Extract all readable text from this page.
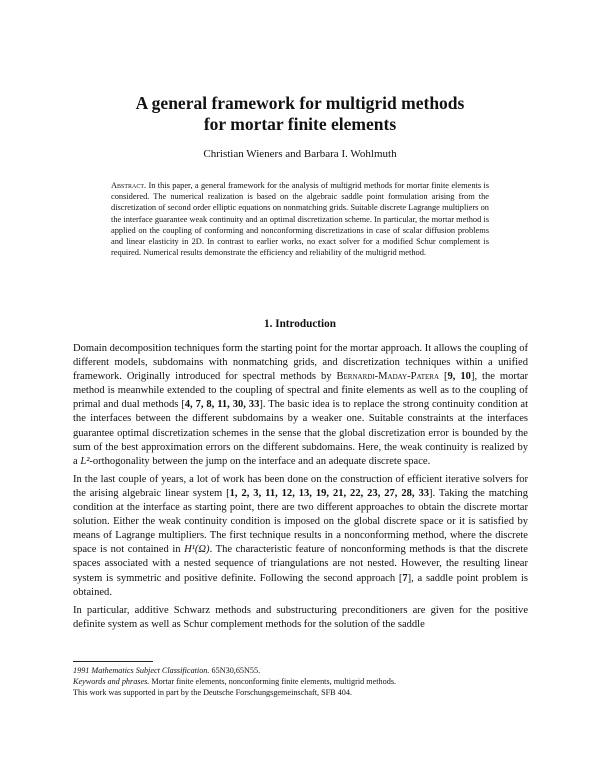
A general framework for multigrid methods
for mortar finite elements
Christian Wieners and Barbara I. Wohlmuth
Abstract. In this paper, a general framework for the analysis of multigrid methods for mortar finite elements is considered. The numerical realization is based on the algebraic saddle point formulation arising from the discretization of second order elliptic equations on nonmatching grids. Suitable discrete Lagrange multipliers on the interface guarantee weak continuity and an optimal discretization scheme. In particular, the mortar method is applied on the coupling of conforming and nonconforming discretizations in case of scalar diffusion problems and linear elasticity in 2D. In contrast to earlier works, no exact solver for a modified Schur complement is required. Numerical results demonstrate the efficiency and reliability of the multigrid method.
1. Introduction

Domain decomposition techniques form the starting point for the mortar approach. It allows the coupling of different models, subdomains with nonmatching grids, and discretization techniques within a unified framework. Originally introduced for spectral methods by Bernardi-Maday-Patera [9, 10], the mortar method is meanwhile extended to the coupling of spectral and finite elements as well as to the coupling of primal and dual methods [4, 7, 8, 11, 30, 33]. The basic idea is to replace the strong continuity condition at the interfaces between the different subdomains by a weaker one. Suitable constraints at the interfaces guarantee optimal discretization schemes in the sense that the global discretization error is bounded by the sum of the best approximation errors on the different subdomains. Here, the weak continuity is realized by a L²-orthogonality between the jump on the interface and an adequate discrete space.

In the last couple of years, a lot of work has been done on the construction of efficient iterative solvers for the arising algebraic linear system [1, 2, 3, 11, 12, 13, 19, 21, 22, 23, 27, 28, 33]. Taking the matching condition at the interface as starting point, there are two different approaches to obtain the discrete mortar solution. Either the weak continuity condition is imposed on the global discrete space or it is satisfied by means of Lagrange multipliers. The first technique results in a nonconforming method, where the discrete space is not contained in H¹(Ω). The characteristic feature of nonconforming methods is that the discrete spaces associated with a nested sequence of triangulations are not nested. However, the resulting linear system is symmetric and positive definite. Following the second approach [7], a saddle point problem is obtained.

In particular, additive Schwarz methods and substructuring preconditioners are given for the positive definite system as well as Schur complement methods for the solution of the saddle

1991 Mathematics Subject Classification. 65N30,65N55.
Keywords and phrases. Mortar finite elements, nonconforming finite elements, multigrid methods.
This work was supported in part by the Deutsche Forschungsgemeinschaft, SFB 404.
